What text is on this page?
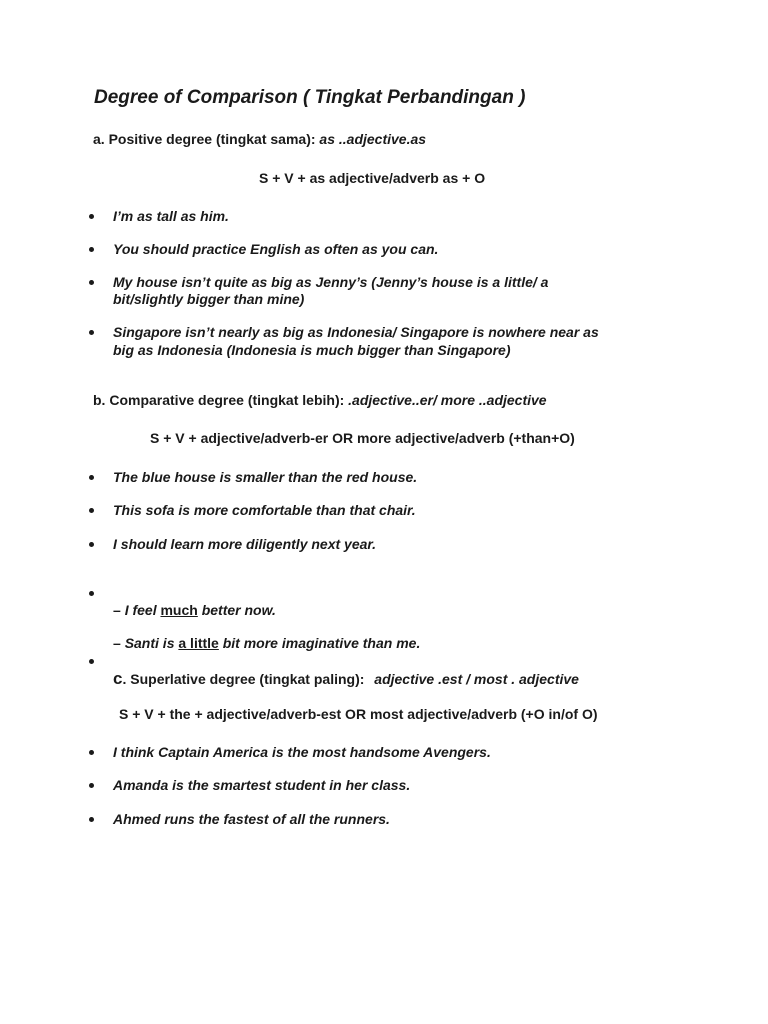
Degree of Comparison ( Tingkat Perbandingan )
a. Positive degree (tingkat sama): as ..adjective.as
S + V + as adjective/adverb as + O
I’m as tall as him.
You should practice English as often as you can.
My house isn’t quite as big as Jenny’s (Jenny’s house is a little/ a
bit/slightly bigger than mine)
Singapore isn’t nearly as big as Indonesia/ Singapore is nowhere near as
big as Indonesia (Indonesia is much bigger than Singapore)
b. Comparative degree (tingkat lebih): .adjective..er/ more ..adjective
S + V + adjective/adverb-er OR more adjective/adverb (+than+O)
The blue house is smaller than the red house.
This sofa is more comfortable than that chair.
I should learn more diligently next year.
– I feel much better now.
– Santi is a little bit more imaginative than me.
c. Superlative degree (tingkat paling): adjective .est / most . adjective
S + V + the + adjective/adverb-est OR most adjective/adverb (+O in/of O)
I think Captain America is the most handsome Avengers.
Amanda is the smartest student in her class.
Ahmed runs the fastest of all the runners.
